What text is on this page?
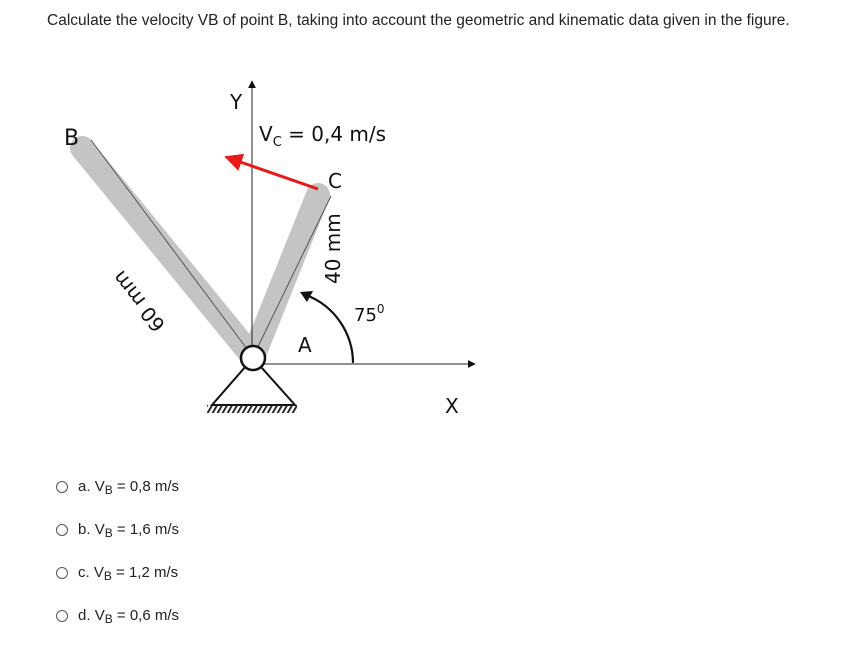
Calculate the velocity VB of point B, taking into account the geometric and kinematic data given in the figure.
B
Y
$V_C = 0,4$ m/s
C
40 mm
60 mm	$75^0$
A
X
a. $V_B = 0,8$ m/s
b. $V_B = 1,6$ m/s
c. $V_B = 1,2$ m/s
d. $V_B = 0,6$ m/s
